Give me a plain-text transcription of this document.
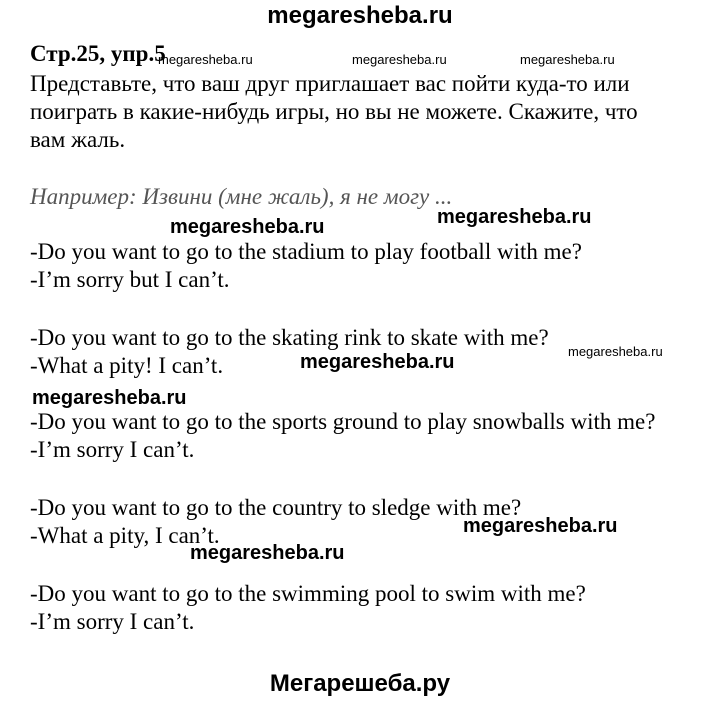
megaresheba.ru
Стр.25, упр.5
Представьте, что ваш друг приглашает вас пойти куда-то или
поиграть в какие-нибудь игры, но вы не можете. Скажите, что
вам жаль.
Например: Извини (мне жаль), я не могу ...
-Do you want to go to the stadium to play football with me?
-I’m sorry but I can’t.
-Do you want to go to the skating rink to skate with me?
-What a pity! I can’t.
-Do you want to go to the sports ground to play snowballs with me?
-I’m sorry I can’t.
-Do you want to go to the country to sledge with me?
-What a pity, I can’t.
-Do you want to go to the swimming pool to swim with me?
-I’m sorry I can’t.
megaresheba.ru	megaresheba.ru	megaresheba.ru
megaresheba.ru	megaresheba.ru
megaresheba.ru	megaresheba.ru
megaresheba.ru
megaresheba.ru
megaresheba.ru
Мегарешеба.ру
